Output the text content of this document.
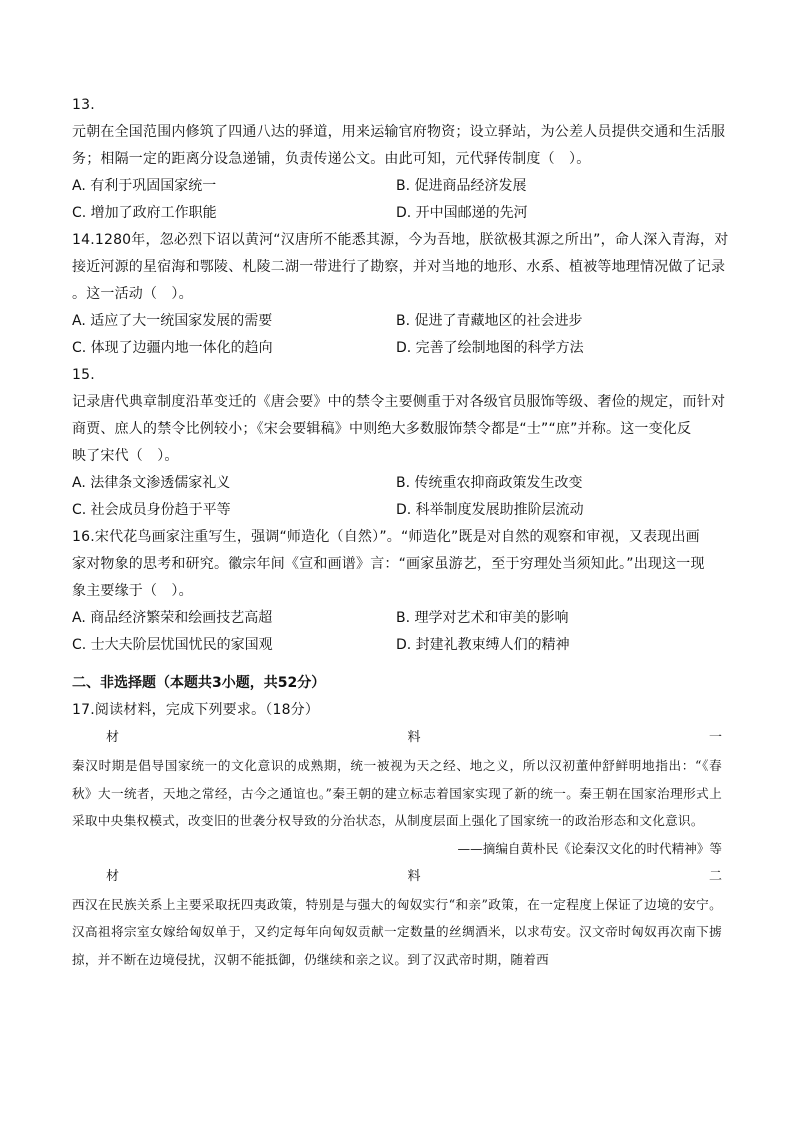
13.
元朝在全国范围内修筑了四通八达的驿道，用来运输官府物资；设立驿站，为公差人员提供交通和生活服
务；相隔一定的距离分设急递铺，负责传递公文。由此可知，元代驿传制度（　）。
A. 有利于巩固国家统一	B. 促进商品经济发展
C. 增加了政府工作职能	D. 开中国邮递的先河
14.1280年，忽必烈下诏以黄河“汉唐所不能悉其源，今为吾地，朕欲极其源之所出”，命人深入青海，对
接近河源的星宿海和鄂陵、札陵二湖一带进行了勘察，并对当地的地形、水系、植被等地理情况做了记录
。这一活动（　）。
A. 适应了大一统国家发展的需要	B. 促进了青藏地区的社会进步
C. 体现了边疆内地一体化的趋向	D. 完善了绘制地图的科学方法
15.
记录唐代典章制度沿革变迁的《唐会要》中的禁令主要侧重于对各级官员服饰等级、奢俭的规定，而针对
商贾、庶人的禁令比例较小；《宋会要辑稿》中则绝大多数服饰禁令都是“士”“庶”并称。这一变化反
映了宋代（　）。
A. 法律条文渗透儒家礼义	B. 传统重农抑商政策发生改变
C. 社会成员身份趋于平等	D. 科举制度发展助推阶层流动
16.宋代花鸟画家注重写生，强调“师造化（自然）”。“师造化”既是对自然的观察和审视，又表现出画
家对物象的思考和研究。徽宗年间《宣和画谱》言：“画家虽游艺，至于穷理处当须知此。”出现这一现
象主要缘于（　）。
A. 商品经济繁荣和绘画技艺高超	B. 理学对艺术和审美的影响
C. 士大夫阶层忧国忧民的家国观	D. 封建礼教束缚人们的精神
二、非选择题（本题共3小题，共52分）
17.阅读材料，完成下列要求。（18分）
材	料	一
秦汉时期是倡导国家统一的文化意识的成熟期，统一被视为天之经、地之义，所以汉初董仲舒鲜明地指出：“《春秋》大一统者，天地之常经，古今之通谊也。”秦王朝的建立标志着国家实现了新的统一。秦王朝在国家治理形式上采取中央集权模式，改变旧的世袭分权导致的分治状态，从制度层面上强化了国家统一的政治形态和文化意识。
——摘编自黄朴民《论秦汉文化的时代精神》等
材	料	二
西汉在民族关系上主要采取抚四夷政策，特别是与强大的匈奴实行“和亲”政策，在一定程度上保证了边境的安宁。汉高祖将宗室女嫁给匈奴单于，又约定每年向匈奴贡献一定数量的丝绸酒米，以求苟安。汉文帝时匈奴再次南下掳掠，并不断在边境侵扰，汉朝不能抵御，仍继续和亲之议。到了汉武帝时期，随着西
